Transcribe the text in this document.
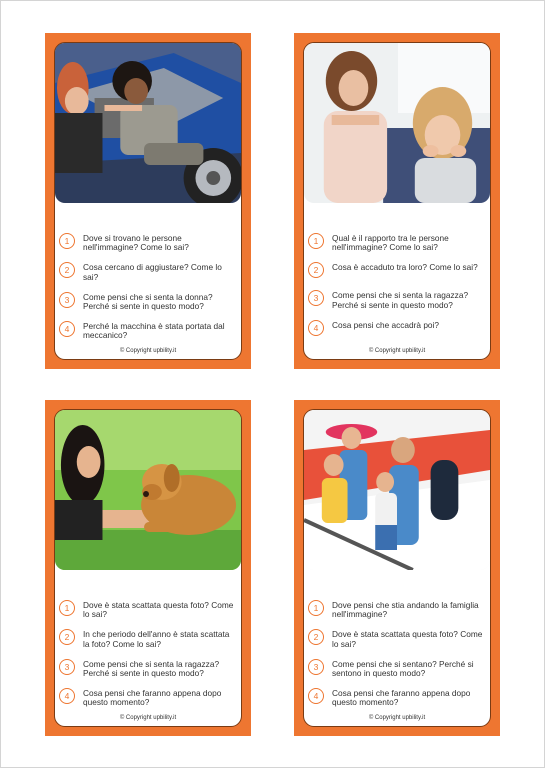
1	Dove si trovano le persone nell'immagine? Come lo sai?
2	Cosa cercano di aggiustare? Come lo sai?
3	Come pensi che si senta la donna? Perché si sente in questo modo?
4	Perché la macchina è stata portata dal meccanico?
© Copyright upbility.it
1	Qual è il rapporto tra le persone nell'immagine? Come lo sai?
2	Cosa è accaduto tra loro? Come lo sai?
3	Come pensi che si senta la ragazza? Perché si sente in questo modo?
4	Cosa pensi che accadrà poi?
© Copyright upbility.it
1	Dove è stata scattata questa foto? Come lo sai?
2	In che periodo dell'anno è stata scattata la foto? Come lo sai?
3	Come pensi che si senta la ragazza? Perché si sente in questo modo?
4	Cosa pensi che faranno appena dopo questo momento?
© Copyright upbility.it
1	Dove pensi che stia andando la famiglia nell'immagine?
2	Dove è stata scattata questa foto? Come lo sai?
3	Come pensi che si sentano? Perché si sentono in questo modo?
4	Cosa pensi che faranno appena dopo questo momento?
© Copyright upbility.it
